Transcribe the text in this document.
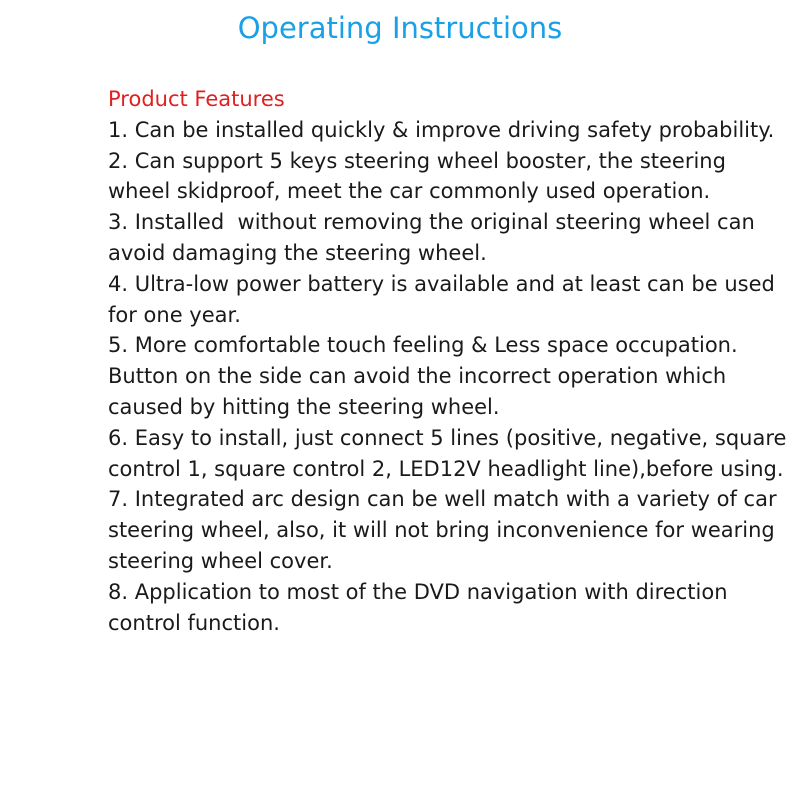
Operating Instructions
Product Features

1. Can be installed quickly & improve driving safety probability.

2. Can support 5 keys steering wheel booster, the steering wheel skidproof, meet the car commonly used operation.

3. Installed  without removing the original steering wheel can avoid damaging the steering wheel.

4. Ultra-low power battery is available and at least can be used for one year.

5. More comfortable touch feeling & Less space occupation. Button on the side can avoid the incorrect operation which caused by hitting the steering wheel.

6. Easy to install, just connect 5 lines (positive, negative, square control 1, square control 2, LED12V headlight line),before using.

7. Integrated arc design can be well match with a variety of car steering wheel, also, it will not bring inconvenience for wearing steering wheel cover.

8. Application to most of the DVD navigation with direction control function.
